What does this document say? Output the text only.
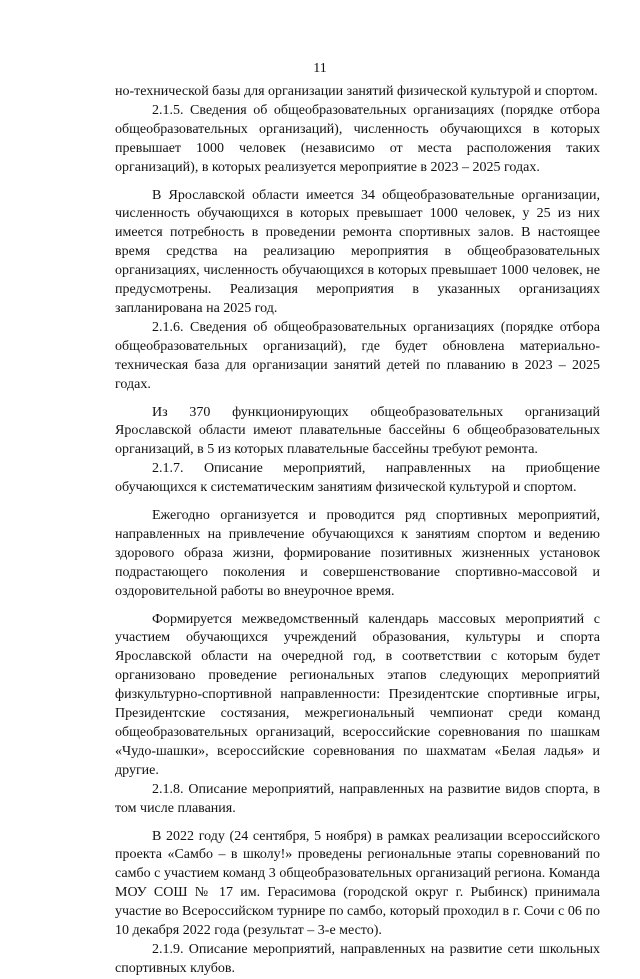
11

но-технической базы для организации занятий физической культурой и спортом.

2.1.5. Сведения об общеобразовательных организациях (порядке отбора общеобразовательных организаций), численность обучающихся в которых превышает 1000 человек (независимо от места расположения таких организаций), в которых реализуется мероприятие в 2023 – 2025 годах.

В Ярославской области имеется 34 общеобразовательные организации, численность обучающихся в которых превышает 1000 человек, у 25 из них имеется потребность в проведении ремонта спортивных залов. В настоящее время средства на реализацию мероприятия в общеобразовательных организациях, численность обучающихся в которых превышает 1000 человек, не предусмотрены. Реализация мероприятия в указанных организациях запланирована на 2025 год.

2.1.6. Сведения об общеобразовательных организациях (порядке отбора общеобразовательных организаций), где будет обновлена материально-техническая база для организации занятий детей по плаванию в 2023 – 2025 годах.

Из 370 функционирующих общеобразовательных организаций Ярославской области имеют плавательные бассейны 6 общеобразовательных организаций, в 5 из которых плавательные бассейны требуют ремонта.

2.1.7. Описание мероприятий, направленных на приобщение обучающихся к систематическим занятиям физической культурой и спортом.

Ежегодно организуется и проводится ряд спортивных мероприятий, направленных на привлечение обучающихся к занятиям спортом и ведению здорового образа жизни, формирование позитивных жизненных установок подрастающего поколения и совершенствование спортивно-массовой и оздоровительной работы во внеурочное время.

Формируется межведомственный календарь массовых мероприятий с участием обучающихся учреждений образования, культуры и спорта Ярославской области на очередной год, в соответствии с которым будет организовано проведение региональных этапов следующих мероприятий физкультурно-спортивной направленности: Президентские спортивные игры, Президентские состязания, межрегиональный чемпионат среди команд общеобразовательных организаций, всероссийские соревнования по шашкам «Чудо-шашки», всероссийские соревнования по шахматам «Белая ладья» и другие.

2.1.8. Описание мероприятий, направленных на развитие видов спорта, в том числе плавания.

В 2022 году (24 сентября, 5 ноября) в рамках реализации всероссийского проекта «Самбо – в школу!» проведены региональные этапы соревнований по самбо с участием команд 3 общеобразовательных организаций региона. Команда МОУ СОШ № 17 им. Герасимова (городской округ г. Рыбинск) принимала участие во Всероссийском турнире по самбо, который проходил в г. Сочи с 06 по 10 декабря 2022 года (результат – 3-е место).

2.1.9. Описание мероприятий, направленных на развитие сети школьных спортивных клубов.
